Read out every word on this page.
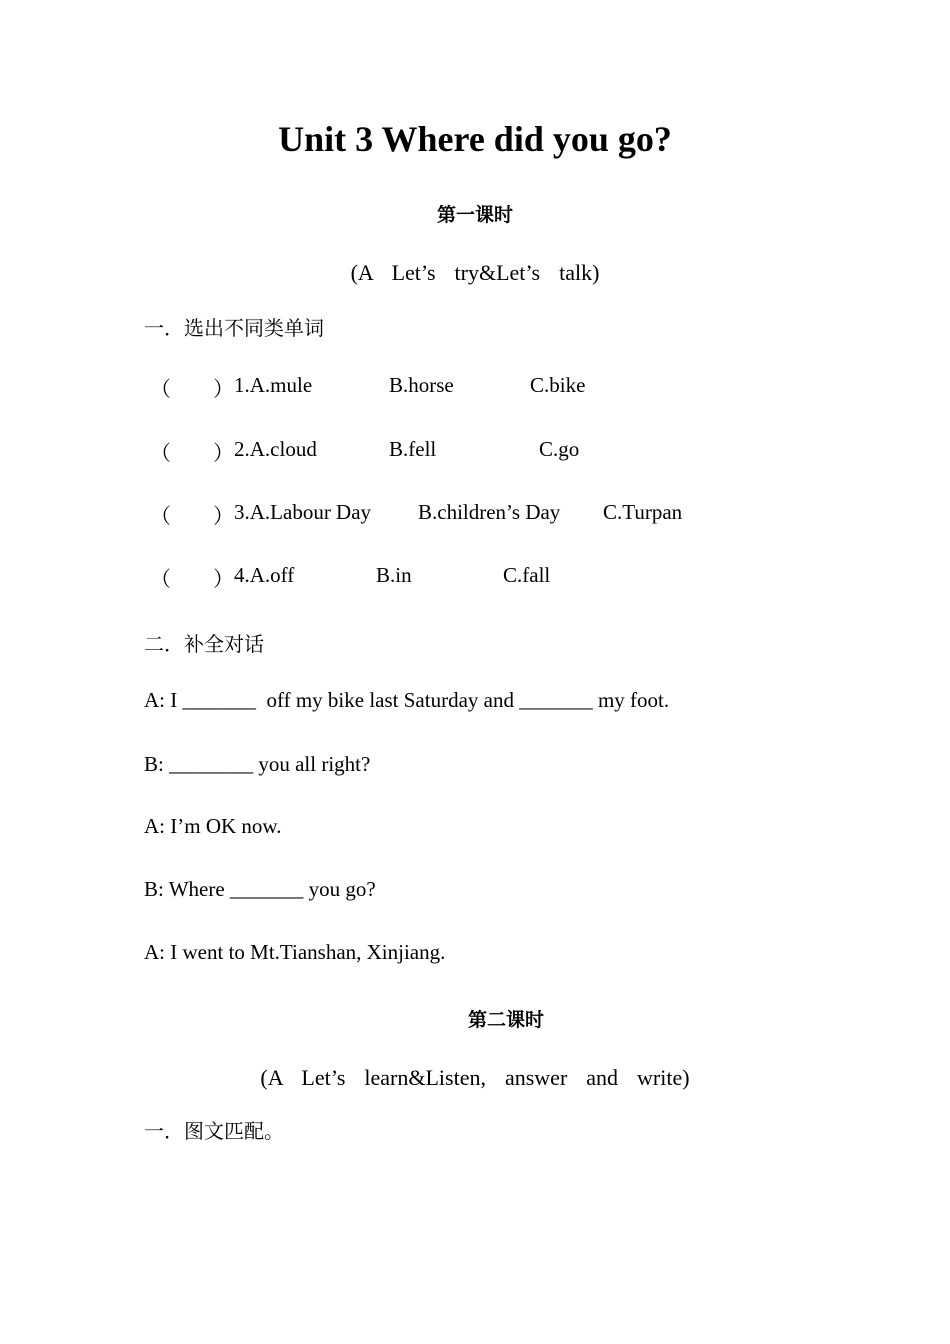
Unit 3 Where did you go?
第一课时
(A  Let’s  try&Let’s  talk)
一．选出不同类单词
（        ） 1.A.mule	B.horse	C.bike
（        ） 2.A.cloud	B.fell	C.go
（        ） 3.A.Labour Day B.children’s Day C.Turpan
（        ） 4.A.off	B.in	C.fall
二．补全对话
A: I _______  off my bike last Saturday and _______ my foot.
B: ________ you all right?
A: I’m OK now.
B: Where _______ you go?
A: I went to Mt.Tianshan, Xinjiang.
第二课时
(A  Let’s  learn&Listen,  answer  and  write)
一．图文匹配。
